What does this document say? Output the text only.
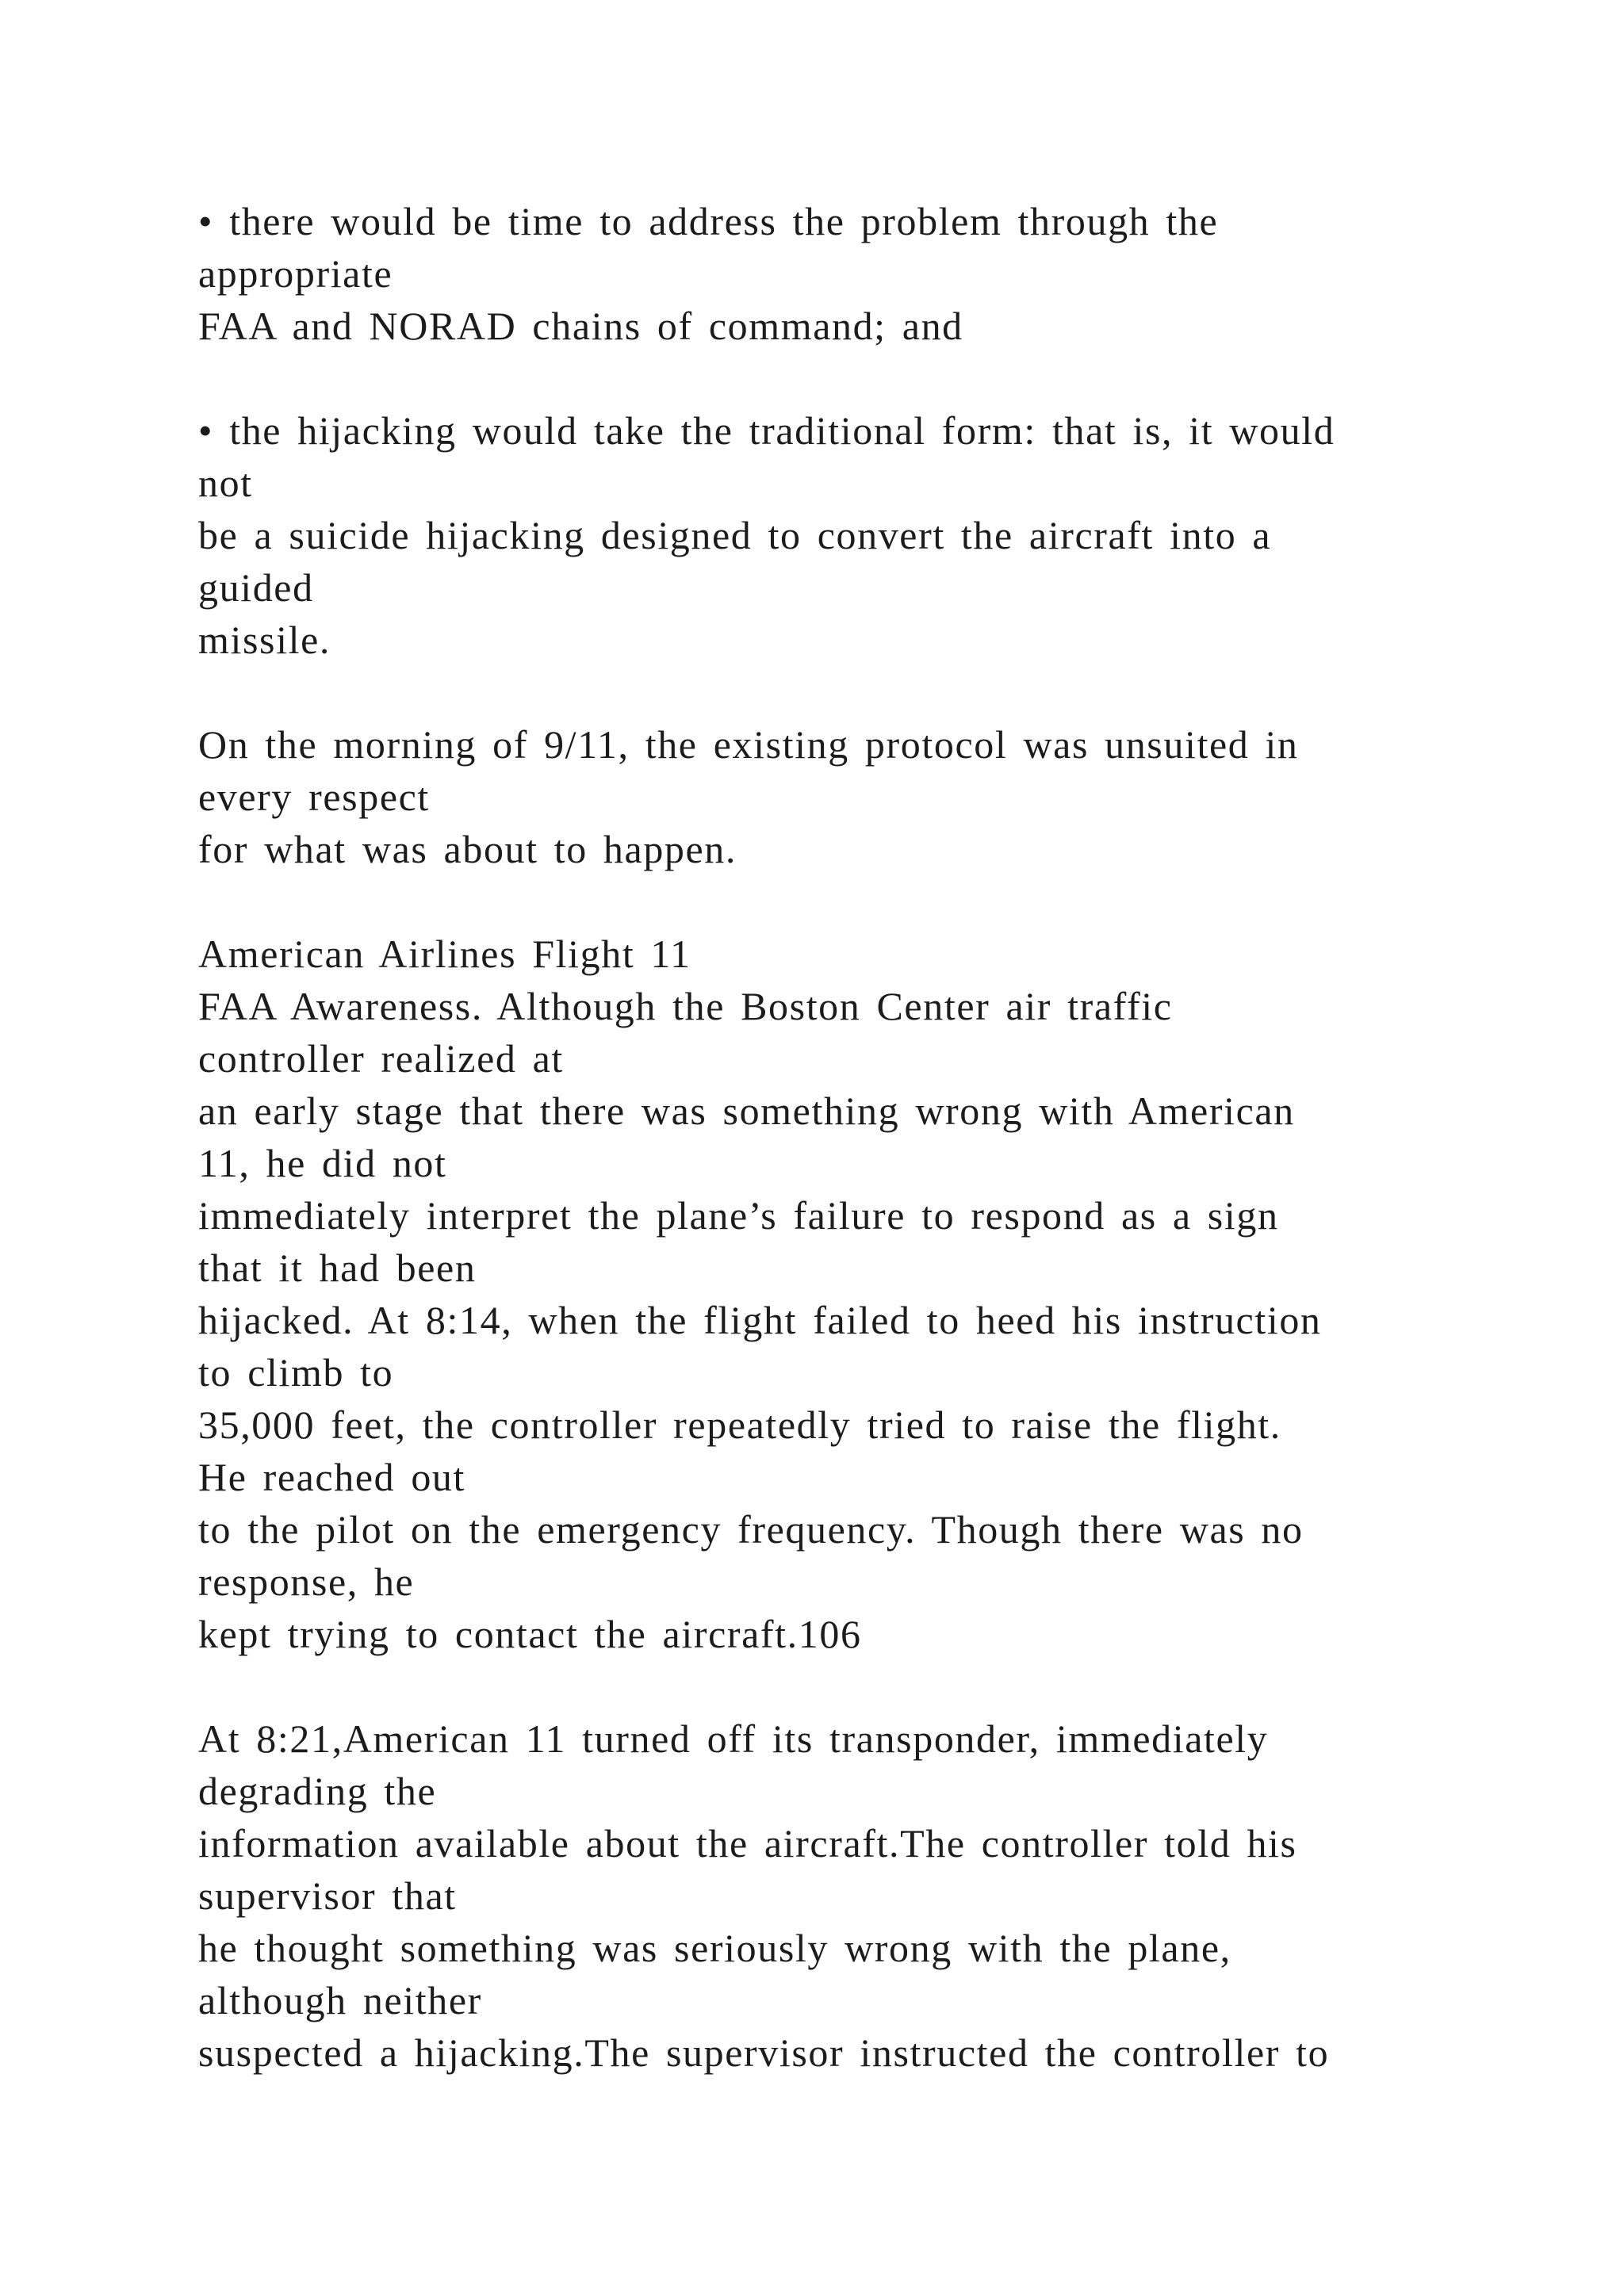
• there would be time to address the problem through the
appropriate
FAA and NORAD chains of command; and
• the hijacking would take the traditional form: that is, it would
not
be a suicide hijacking designed to convert the aircraft into a
guided
missile.
On the morning of 9/11, the existing protocol was unsuited in
every respect
for what was about to happen.
American Airlines Flight 11
FAA Awareness. Although the Boston Center air traffic
controller realized at
an early stage that there was something wrong with American
11, he did not
immediately interpret the plane’s failure to respond as a sign
that it had been
hijacked. At 8:14, when the flight failed to heed his instruction
to climb to
35,000 feet, the controller repeatedly tried to raise the flight.
He reached out
to the pilot on the emergency frequency. Though there was no
response, he
kept trying to contact the aircraft.106
At 8:21,American 11 turned off its transponder, immediately
degrading the
information available about the aircraft.The controller told his
supervisor that
he thought something was seriously wrong with the plane,
although neither
suspected a hijacking.The supervisor instructed the controller to
